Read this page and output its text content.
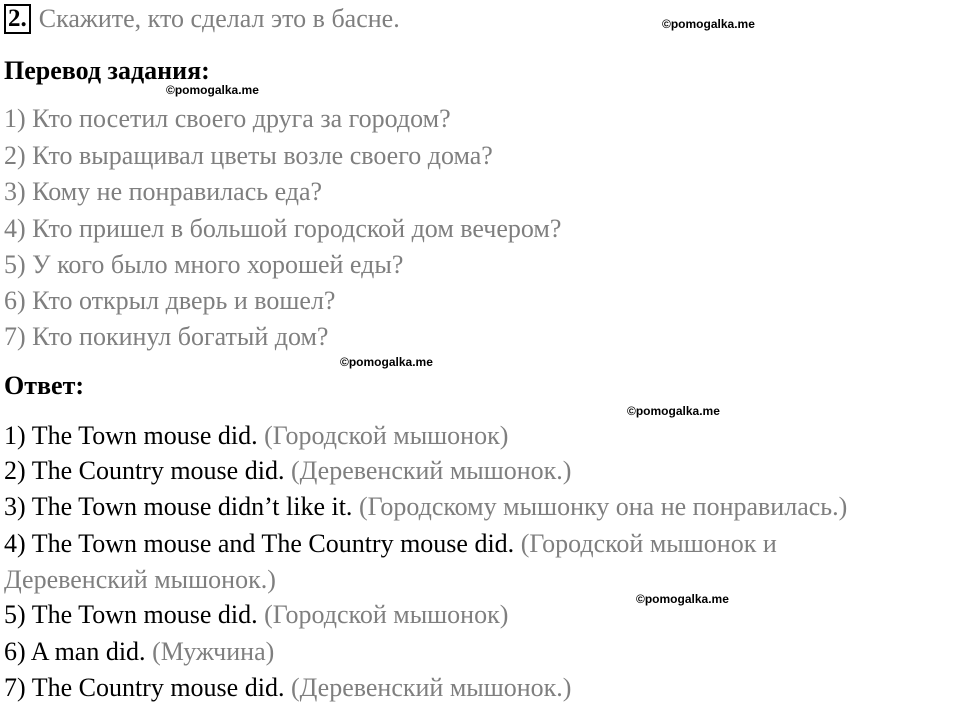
2. Скажите, кто сделал это в басне.
Перевод задания:
1) Кто посетил своего друга за городом?
2) Кто выращивал цветы возле своего дома?
3) Кому не понравилась еда?
4) Кто пришел в большой городской дом вечером?
5) У кого было много хорошей еды?
6) Кто открыл дверь и вошел?
7) Кто покинул богатый дом?
Ответ:
1) The Town mouse did. (Городской мышонок)
2) The Country mouse did. (Деревенский мышонок.)
3) The Town mouse didn’t like it. (Городскому мышонку она не понравилась.)
4) The Town mouse and The Country mouse did. (Городской мышонок и
Деревенский мышонок.)
5) The Town mouse did. (Городской мышонок)
6) A man did. (Мужчина)
7) The Country mouse did. (Деревенский мышонок.)
©pomogalka.me
©pomogalka.me
©pomogalka.me
©pomogalka.me
©pomogalka.me
